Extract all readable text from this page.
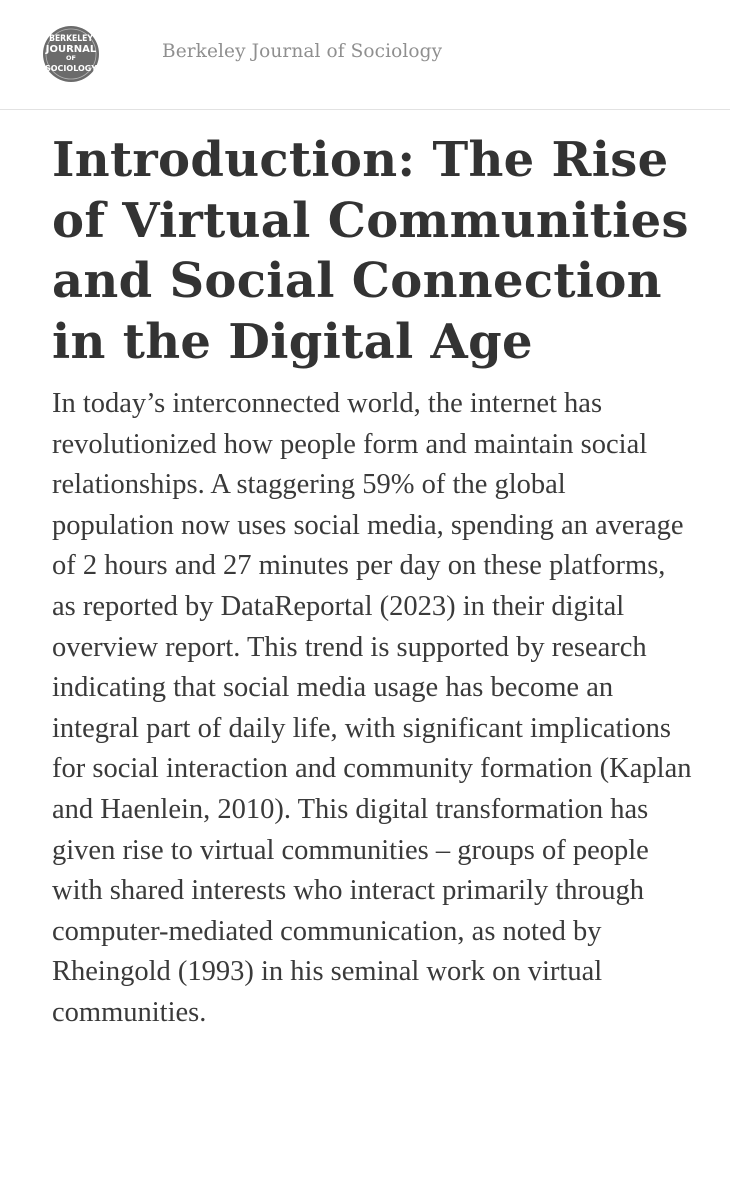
BERKELEY
JOURNAL
OF
SOCIOLOGY
Berkeley Journal of Sociology
Introduction: The Rise of Virtual Communities and Social Connection in the Digital Age

In today’s interconnected world, the internet has revolutionized how people form and maintain social relationships. A staggering 59% of the global population now uses social media, spending an average of 2 hours and 27 minutes per day on these platforms, as reported by DataReportal (2023) in their digital overview report. This trend is supported by research indicating that social media usage has become an integral part of daily life, with significant implications for social interaction and community formation (Kaplan and Haenlein, 2010). This digital transformation has given rise to virtual communities – groups of people with shared interests who interact primarily through computer-mediated communication, as noted by Rheingold (1993) in his seminal work on virtual communities.
